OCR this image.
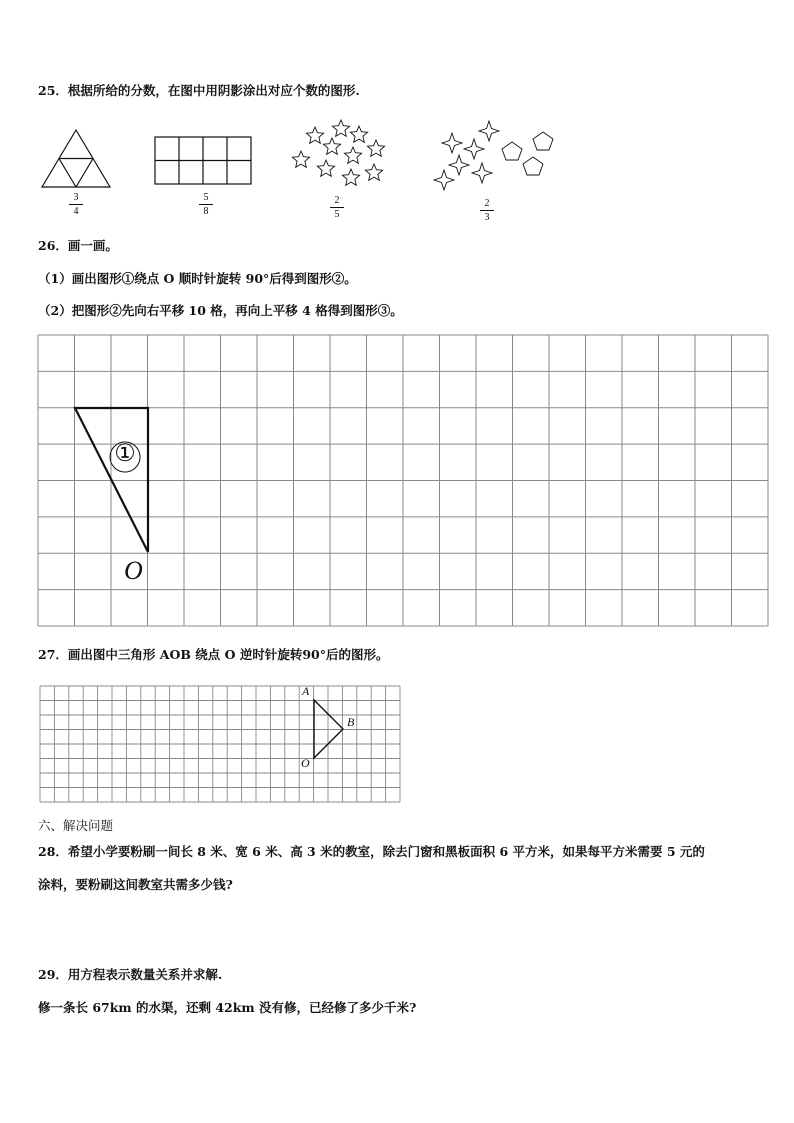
25．根据所给的分数，在图中用阴影涂出对应个数的图形.
3
4
5
8
2
5
2
3
26．画一画。
（1）画出图形①绕点 O 顺时针旋转 90°后得到图形②。
（2）把图形②先向右平移 10 格，再向上平移 4 格得到图形③。
①
O
27．画出图中三角形 AOB 绕点 O 逆时针旋转90°后的图形。
A
B
O
六、解决问题
28．希望小学要粉刷一间长 8 米、宽 6 米、高 3 米的教室，除去门窗和黑板面积 6 平方米，如果每平方米需要 5 元的
涂料，要粉刷这间教室共需多少钱?
29．用方程表示数量关系并求解.
修一条长 67km 的水渠，还剩 42km 没有修，已经修了多少千米?
